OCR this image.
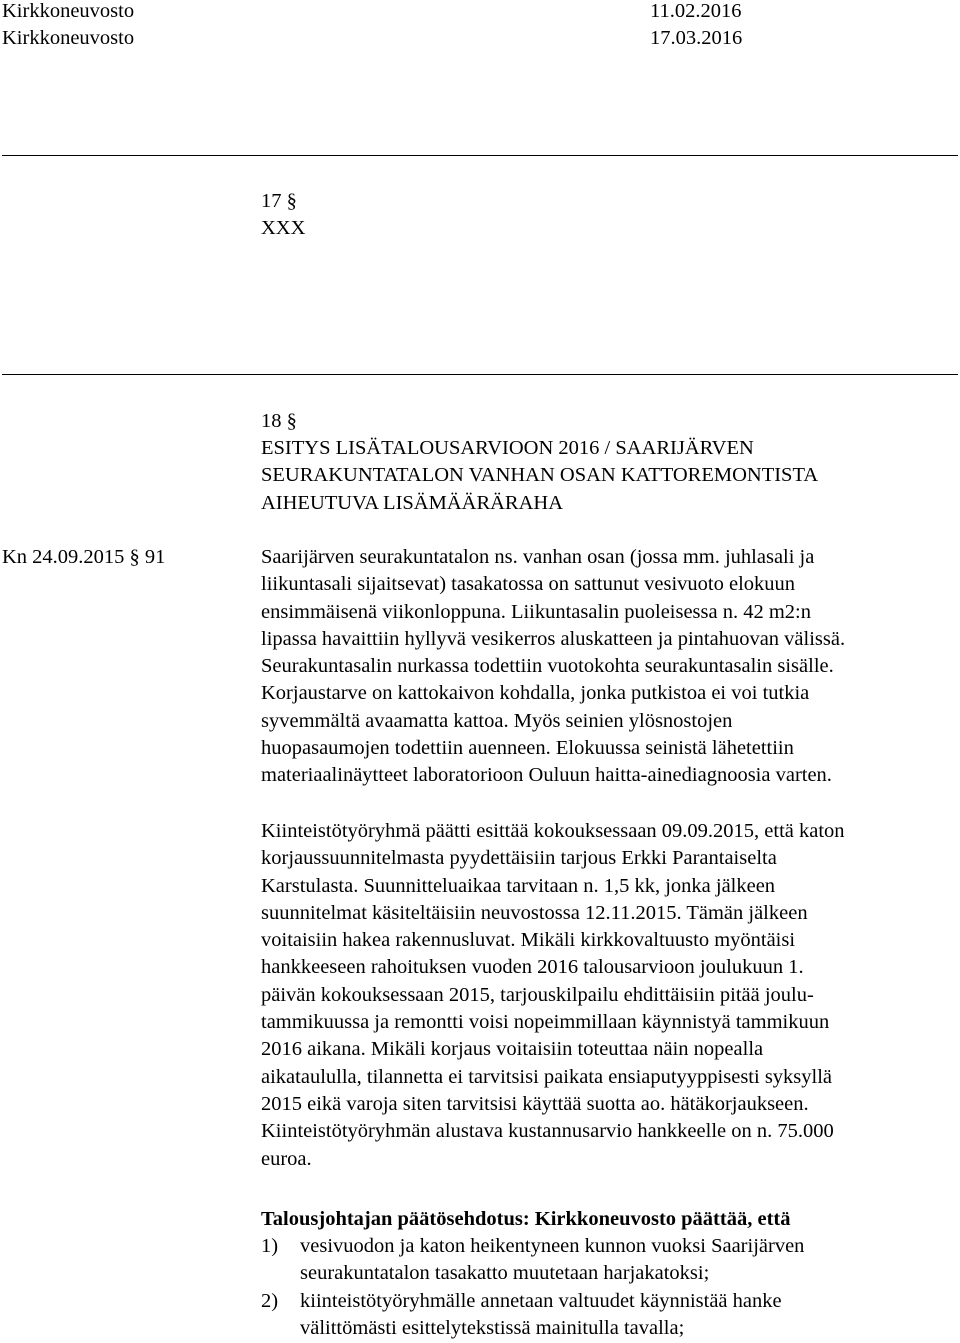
Kirkkoneuvosto	11.02.2016
Kirkkoneuvosto	17.03.2016
17 §
XXX
18 §
ESITYS LISÄTALOUSARVIOON 2016 / SAARIJÄRVEN
SEURAKUNTATALON VANHAN OSAN KATTOREMONTISTA
AIHEUTUVA LISÄMÄÄRÄRAHA
Kn 24.09.2015 § 91	Saarijärven seurakuntatalon ns. vanhan osan (jossa mm. juhlasali ja
liikuntasali sijaitsevat) tasakatossa on sattunut vesivuoto elokuun
ensimmäisenä viikonloppuna. Liikuntasalin puoleisessa n. 42 m2:n
lipassa havaittiin hyllyvä vesikerros aluskatteen ja pintahuovan välissä.
Seurakuntasalin nurkassa todettiin vuotokohta seurakuntasalin sisälle.
Korjaustarve on kattokaivon kohdalla, jonka putkistoa ei voi tutkia
syvemmältä avaamatta kattoa. Myös seinien ylösnostojen
huopasaumojen todettiin auenneen. Elokuussa seinistä lähetettiin
materiaalinäytteet laboratorioon Ouluun haitta-ainediagnoosia varten.
Kiinteistötyöryhmä päätti esittää kokouksessaan 09.09.2015, että katon
korjaussuunnitelmasta pyydettäisiin tarjous Erkki Parantaiselta
Karstulasta. Suunnitteluaikaa tarvitaan n. 1,5 kk, jonka jälkeen
suunnitelmat käsiteltäisiin neuvostossa 12.11.2015. Tämän jälkeen
voitaisiin hakea rakennusluvat. Mikäli kirkkovaltuusto myöntäisi
hankkeeseen rahoituksen vuoden 2016 talousarvioon joulukuun 1.
päivän kokouksessaan 2015, tarjouskilpailu ehdittäisiin pitää joulu-
tammikuussa ja remontti voisi nopeimmillaan käynnistyä tammikuun
2016 aikana. Mikäli korjaus voitaisiin toteuttaa näin nopealla
aikataululla, tilannetta ei tarvitsisi paikata ensiaputyyppisesti syksyllä
2015 eikä varoja siten tarvitsisi käyttää suotta ao. hätäkorjaukseen.
Kiinteistötyöryhmän alustava kustannusarvio hankkeelle on n. 75.000
euroa.
Talousjohtajan päätösehdotus: Kirkkoneuvosto päättää, että
1) vesivuodon ja katon heikentyneen kunnon vuoksi Saarijärven
seurakuntatalon tasakatto muutetaan harjakatoksi;
2) kiinteistötyöryhmälle annetaan valtuudet käynnistää hanke
välittömästi esittelytekstissä mainitulla tavalla;
